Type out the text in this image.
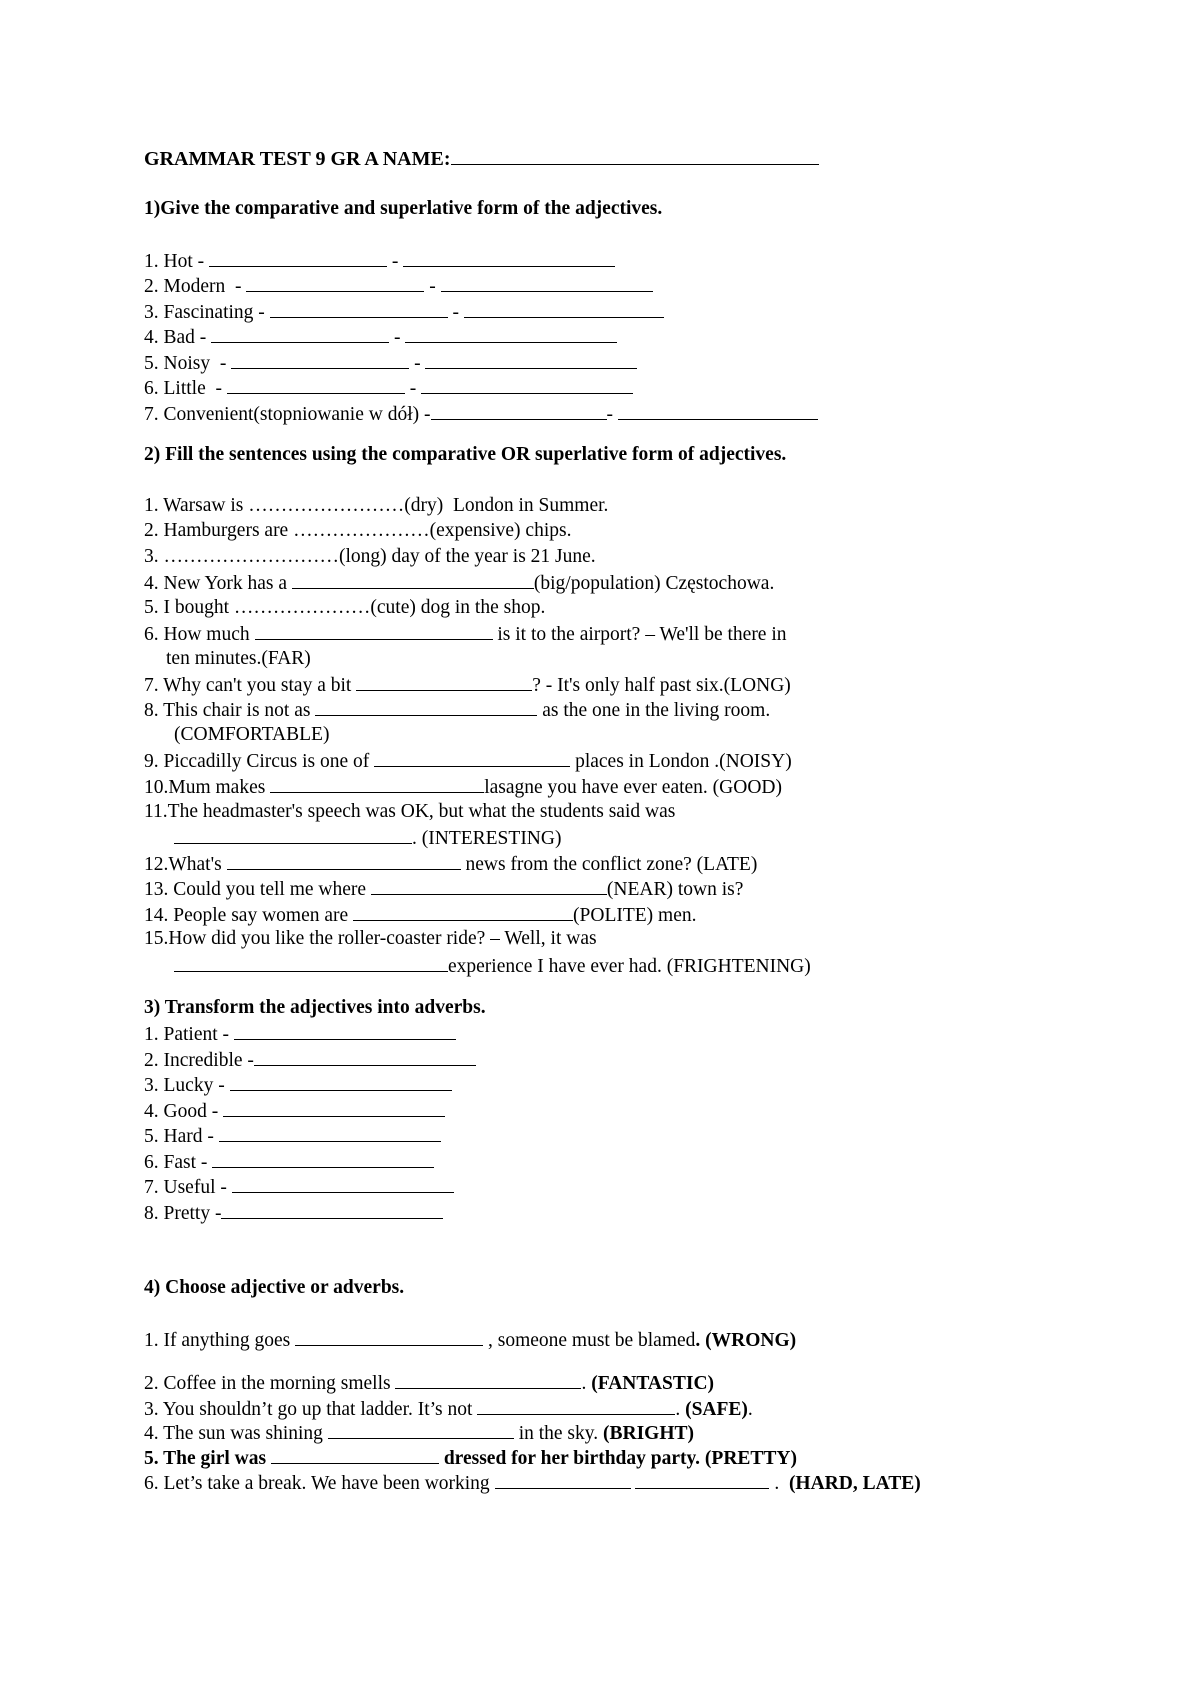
GRAMMAR TEST 9 GR A NAME:
1)Give the comparative and superlative form of the adjectives.
1. Hot -	-
2. Modern  -	-
3. Fascinating -	-
4. Bad -	-
5. Noisy  -	-
6. Little  -	-
7. Convenient(stopniowanie w dół) -	-
2) Fill the sentences using the comparative OR superlative form of adjectives.
1. Warsaw is ……………………(dry)  London in Summer.
2. Hamburgers are …………………(expensive) chips.
3. ………………………(long) day of the year is 21 June.
4. New York has a	(big/population) Częstochowa.
5. I bought …………………(cute) dog in the shop.
6. How much	is it to the airport? – We'll be there in
ten minutes.(FAR)
7. Why can't you stay a bit	? - It's only half past six.(LONG)
8. This chair is not as	as the one in the living room.
(COMFORTABLE)
9. Piccadilly Circus is one of	places in London .(NOISY)
10.Mum makes	lasagne you have ever eaten. (GOOD)
11.The headmaster's speech was OK, but what the students said was
. (INTERESTING)
12.What's	news from the conflict zone? (LATE)
13. Could you tell me where	(NEAR) town is?
14. People say women are	(POLITE) men.
15.How did you like the roller-coaster ride? – Well, it was
experience I have ever had. (FRIGHTENING)
3) Transform the adjectives into adverbs.
1. Patient -
2. Incredible -
3. Lucky -
4. Good -
5. Hard -
6. Fast -
7. Useful -
8. Pretty -
4) Choose adjective or adverbs.
1. If anything goes	, someone must be blamed. (WRONG)
2. Coffee in the morning smells	. (FANTASTIC)
3. You shouldn’t go up that ladder. It’s not	. (SAFE).
4. The sun was shining	in the sky. (BRIGHT)
5. The girl was	dressed for her birthday party. (PRETTY)
6. Let’s take a break. We have been working	. (HARD, LATE)
